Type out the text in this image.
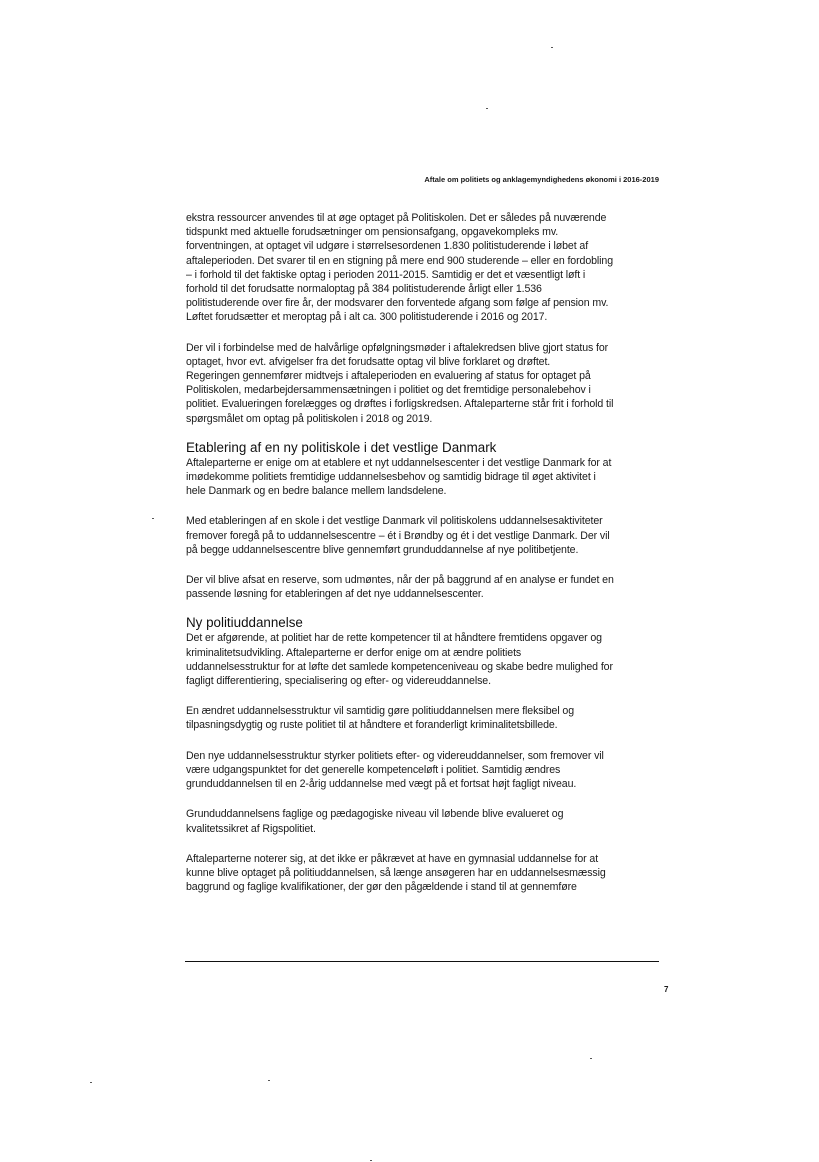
Aftale om politiets og anklagemyndighedens økonomi i 2016-2019

ekstra ressourcer anvendes til at øge optaget på Politiskolen. Det er således på nuværende
tidspunkt med aktuelle forudsætninger om pensionsafgang, opgavekompleks mv.
forventningen, at optaget vil udgøre i størrelsesordenen 1.830 politistuderende i løbet af
aftaleperioden. Det svarer til en en stigning på mere end 900 studerende – eller en fordobling
– i forhold til det faktiske optag i perioden 2011-2015. Samtidig er det et væsentligt løft i
forhold til det forudsatte normaloptag på 384 politistuderende årligt eller 1.536
politistuderende over fire år, der modsvarer den forventede afgang som følge af pension mv.
Løftet forudsætter et meroptag på i alt ca. 300 politistuderende i 2016 og 2017.

Der vil i forbindelse med de halvårlige opfølgningsmøder i aftalekredsen blive gjort status for
optaget, hvor evt. afvigelser fra det forudsatte optag vil blive forklaret og drøftet.
Regeringen gennemfører midtvejs i aftaleperioden en evaluering af status for optaget på
Politiskolen, medarbejdersammensætningen i politiet og det fremtidige personalebehov i
politiet. Evalueringen forelægges og drøftes i forligskredsen. Aftaleparterne står frit i forhold til
spørgsmålet om optag på politiskolen i 2018 og 2019.

Etablering af en ny politiskole i det vestlige Danmark

Aftaleparterne er enige om at etablere et nyt uddannelsescenter i det vestlige Danmark for at
imødekomme politiets fremtidige uddannelsesbehov og samtidig bidrage til øget aktivitet i
hele Danmark og en bedre balance mellem landsdelene.

Med etableringen af en skole i det vestlige Danmark vil politiskolens uddannelsesaktiviteter
fremover foregå på to uddannelsescentre – ét i Brøndby og ét i det vestlige Danmark. Der vil
på begge uddannelsescentre blive gennemført grunduddannelse af nye politibetjente.

Der vil blive afsat en reserve, som udmøntes, når der på baggrund af en analyse er fundet en
passende løsning for etableringen af det nye uddannelsescenter.

Ny politiuddannelse

Det er afgørende, at politiet har de rette kompetencer til at håndtere fremtidens opgaver og
kriminalitetsudvikling. Aftaleparterne er derfor enige om at ændre politiets
uddannelsesstruktur for at løfte det samlede kompetenceniveau og skabe bedre mulighed for
fagligt differentiering, specialisering og efter- og videreuddannelse.

En ændret uddannelsesstruktur vil samtidig gøre politiuddannelsen mere fleksibel og
tilpasningsdygtig og ruste politiet til at håndtere et foranderligt kriminalitetsbillede.

Den nye uddannelsesstruktur styrker politiets efter- og videreuddannelser, som fremover vil
være udgangspunktet for det generelle kompetenceløft i politiet. Samtidig ændres
grunduddannelsen til en 2-årig uddannelse med vægt på et fortsat højt fagligt niveau.

Grunduddannelsens faglige og pædagogiske niveau vil løbende blive evalueret og
kvalitetssikret af Rigspolitiet.

Aftaleparterne noterer sig, at det ikke er påkrævet at have en gymnasial uddannelse for at
kunne blive optaget på politiuddannelsen, så længe ansøgeren har en uddannelsesmæssig
baggrund og faglige kvalifikationer, der gør den pågældende i stand til at gennemføre

7
